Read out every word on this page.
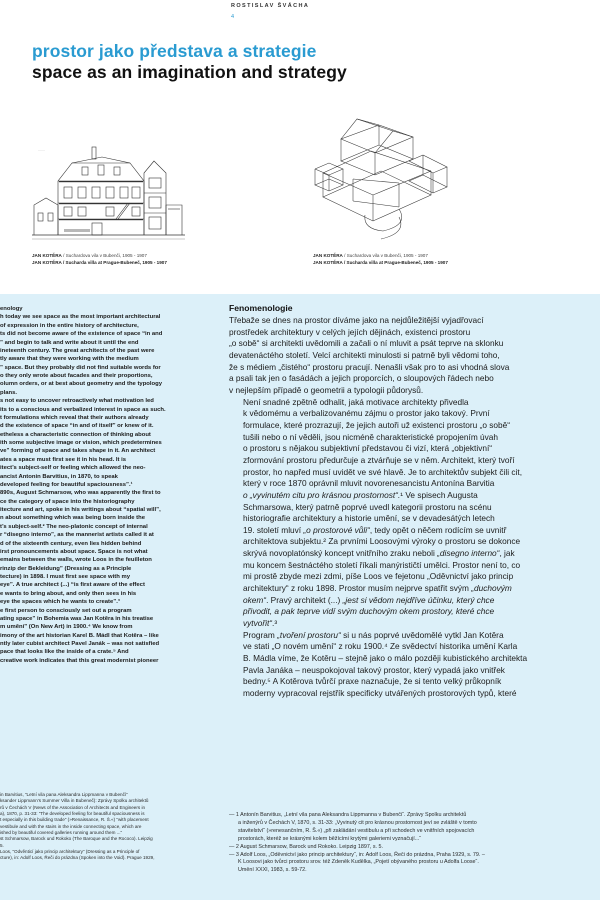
ROSTISLAV ŠVÁCHA
4
prostor jako představa a strategie
space as an imagination and strategy
·······
JAN KOTĚRA / Suchardova vila v Bubenči, 1905 - 1907
JAN KOTĚRA / Sucharda villa at Prague-Bubeneč, 1905 - 1907
JAN KOTĚRA / Suchardova vila v Bubenči, 1905 - 1907
JAN KOTĚRA / Sucharda villa at Prague-Bubeneč, 1905 - 1907
enology
h today we see space as the most important architectural
of expression in the entire history of architecture,
ts did not become aware of the existence of space “in and
” and begin to talk and write about it until the end
ineteenth century. The great architects of the past were
tly aware that they were working with the medium
” space. But they probably did not find suitable words for
o they only wrote about facades and their proportions,
olumn orders, or at best about geometry and the typology
plans.
s not easy to uncover retroactively what motivation led
its to a conscious and verbalized interest in space as such.
t formulations which reveal that their authors already
d the existence of space “in and of itself” or knew of it.
etheless a characteristic connection of thinking about
ith some subjective image or vision, which predetermines
ve” forming of space and takes shape in it. An architect
ates a space must first see it in his head. It is
itect’s subject-self or feeling which allowed the neo-
ancist Antonin Barvitius, in 1870, to speak
developed feeling for beautiful spaciousness”.¹
890s, August Schmarsow, who was apparently the first to
ce the category of space into the historiography
itecture and art, spoke in his writings about “spatial will”,
n about something which was being born inside the
t’s subject-self.² The neo-platonic concept of internal
r “disegno interno”, as the mannerist artists called it at
d of the sixteenth century, even lies hidden behind
irst pronouncements about space. Space is not what
emains between the walls, wrote Loos in the feuilleton
rinzip der Bekleidung” (Dressing as a Principle
tecture) in 1898. I must first see space with my
eye”. A true architect (...) “is first aware of the effect
e wants to bring about, and only then sees in his
eye the spaces which he wants to create”.³
e first person to consciously set out a program
ating space” in Bohemia was Jan Kotěra in his treatise
m umění” (On New Art) in 1900.⁴ We know from
imony of the art historian Karel B. Mádl that Kotěra – like
ntly later cubist architect Pavel Janák – was not satisfied
pace that looks like the inside of a crate.⁵ And
creative work indicates that this great modernist pioneer
in Barvitius, “Letní vila pana Aleksandra Lippmanna v Bubenčí”
ksander Lippmann’s Summer Villa in Bubeneč): Zprávy Spolku architektů
rů v Čechách V (News of the Association of Architects and Engineers in
a), 1870, p. 31-33: “The developed feeling for beautiful spaciousness is
t especially in this building trade” (»Renaissance, R. Š.«) “with placement
vestibule and with the stairs in the inside connecting space, which are
ished by beautiful covered galleries running around them ...”
st Schmarsow, Barock und Rokoko (The Baroque and the Rococo). Leipzig
5.
Loos, “Odvěnticí jako princip architektury” (Dressing as a Principle of
cture), in: Adolf Loos, Řeči do prázdna (Spoken into the Void). Prague 1929,
Fenomenologie

Třebaže se dnes na prostor díváme jako na nejdůležitější vyjadřovací
prostředek architektury v celých jejích dějinách, existenci prostoru
„o sobě“ si architekti uvědomili a začali o ní mluvit a psát teprve na sklonku
devatenáctého století. Velcí architekti minulosti si patrně byli vědomi toho,
že s médiem „čistého“ prostoru pracují. Nenašli však pro to asi vhodná slova
a psali tak jen o fasádách a jejich proporcích, o sloupových řádech nebo
v nejlepším případě o geometrii a typologii půdorysů.

Není snadné zpětně odhalit, jaká motivace architekty přivedla
k vědomému a verbalizovanému zájmu o prostor jako takový. První
formulace, které prozrazují, že jejich autoři už existenci prostoru „o sobě“
tušili nebo o ní věděli, jsou nicméně charakteristické propojením úvah
o prostoru s nějakou subjektivní představou či vizí, která „objektivní“
zformování prostoru předurčuje a ztvárňuje se v něm. Architekt, který tvoří
prostor, ho napřed musí uvidět ve své hlavě. Je to architektův subjekt čili cit,
který v roce 1870 oprávnil mluvit novorenesancistu Antonína Barvitia
o „vyvinutém citu pro krásnou prostornost“.¹ Ve spisech Augusta
Schmarsowa, který patrně poprvé uvedl kategorii prostoru na scénu
historiografie architektury a historie umění, se v devadesátých letech
19. století mluví „o prostorové vůli“, tedy opět o něčem rodícím se uvnitř
architektova subjektu.² Za prvními Loosovými výroky o prostoru se dokonce
skrývá novoplatónský koncept vnitřního zraku neboli „disegno interno“, jak
mu koncem šestnáctého století říkali manýrističtí umělci. Prostor není to, co
mi prostě zbyde mezi zdmi, píše Loos ve fejetonu „Oděvnictví jako princip
architektury“ z roku 1898. Prostor musím nejprve spatřit svým „duchovým
okem“. Pravý architekt (...) „jest si vědom nejdříve účinku, který chce
přivodit, a pak teprve vidí svým duchovým okem prostory, které chce
vytvořit“.³

Program „tvoření prostoru“ si u nás poprvé uvědomělé vytkl Jan Kotěra
ve stati „O novém umění“ z roku 1900.⁴ Ze svědectví historika umění Karla
B. Mádla víme, že Kotěru – stejně jako o málo později kubistického architekta
Pavla Janáka – neuspokojoval takový prostor, který vypadá jako vnitřek
bedny.⁵ A Kotěrova tvůrčí praxe naznačuje, že si tento velký průkopník
moderny vypracoval rejstřík specificky utvářených prostorových typů, které

— 1 Antonín Barvitius, „Letní vila pana Aleksandra Lippmanna v Bubenči“. Zprávy Spolku architektů
a inženýrů v Čechách V, 1870, s. 31-33: „Vyvinutý cit pro krásnou prostornost jeví se zvláště v tomto
stavitelství“ (»renesančním, R. Š.«) „při zaklädání vestibulu a při schodech ve vnitřních spojovacích
prostorách, kteréž se krásnými kolem běžícími krytými galeriemi vyznačují...“
— 2 August Schmarsow, Barock und Rokoko. Leipzig 1897, s. 5.
— 3 Adolf Loos, „Oděvnictví jako princip architektury“, in: Adolf Loos, Řeči do prázdna, Praha 1929, s. 79. –
K Loosovi jako tvůrci prostoru srov. též Zdeněk Kudělka, „Pojetí obývaného prostoru u Adolfa Loose“.
Umění XXXI, 1983, s. 59-72.
